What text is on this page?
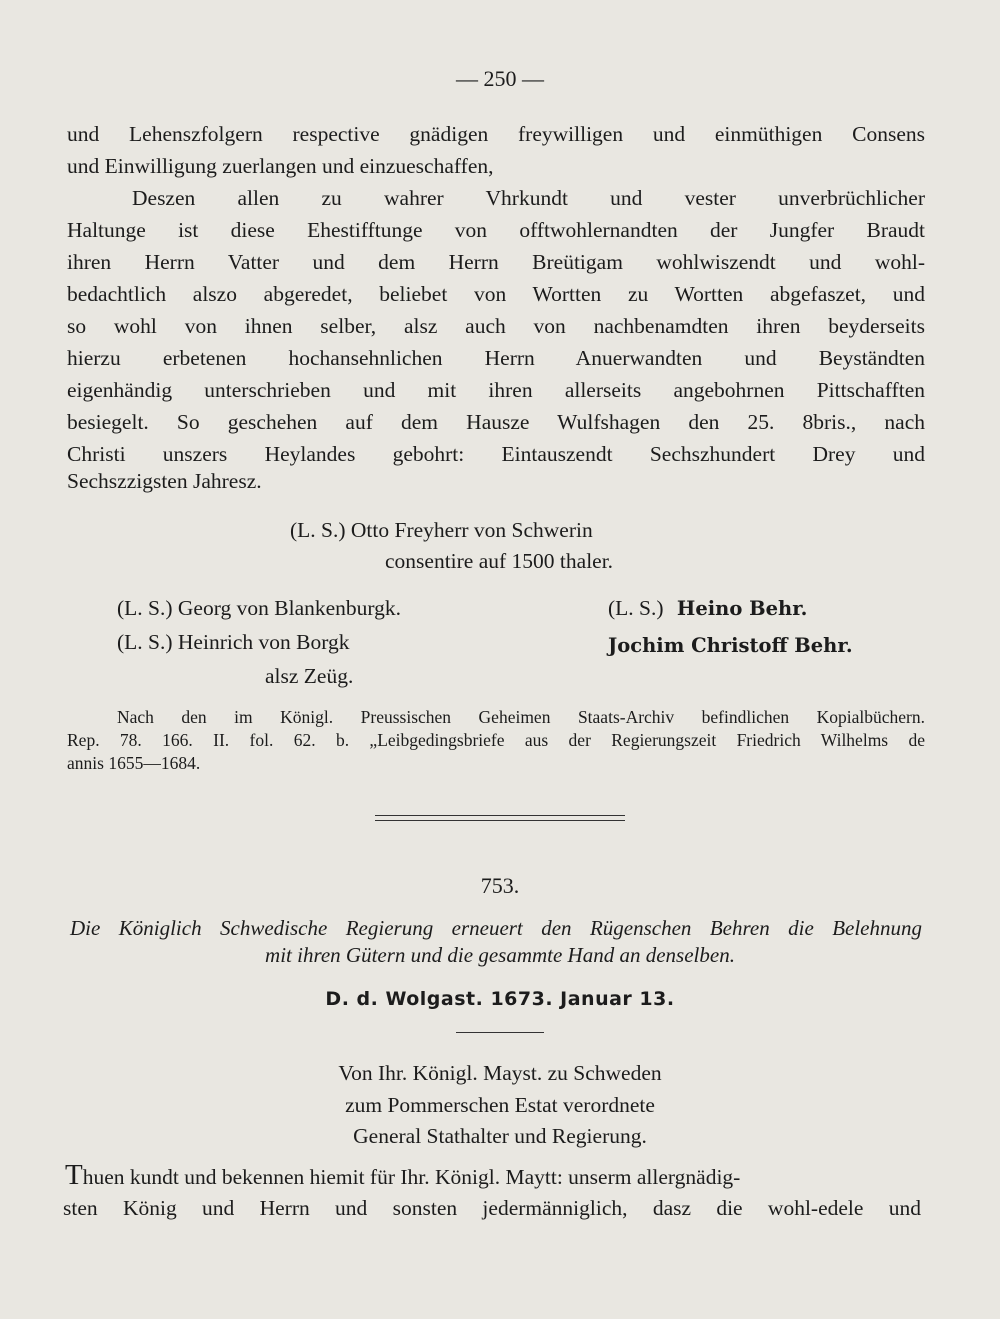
— 250 —
und Lehenszfolgern respective gnädigen freywilligen und einmüthigen Consens
und Einwilligung zuerlangen und einzueschaffen,
Deszen allen zu wahrer Vhrkundt und vester unverbrüchlicher
Haltunge ist diese Ehestifftunge von offtwohlernandten der Jungfer Braudt
ihren Herrn Vatter und dem Herrn Breütigam wohlwiszendt und wohl-
bedachtlich alszo abgeredet, beliebet von Wortten zu Wortten abgefaszet, und
so wohl von ihnen selber, alsz auch von nachbenamdten ihren beyderseits
hierzu erbetenen hochansehnlichen Herrn Anuerwandten und Beyständten
eigenhändig unterschrieben und mit ihren allerseits angebohrnen Pittschafften
besiegelt. So geschehen auf dem Hausze Wulfshagen den 25. 8bris., nach
Christi unszers Heylandes gebohrt: Eintauszendt Sechszhundert Drey und
Sechszzigsten Jahresz.
(L. S.) Otto Freyherr von Schwerin
consentire auf 1500 thaler.
(L. S.) Georg von Blankenburgk.
(L. S.) Heinrich von Borgk
alsz Zeüg.
(L. S.) Heino Behr.
Jochim Christoff Behr.
Nach den im Königl. Preussischen Geheimen Staats-Archiv befindlichen Kopialbüchern.
Rep. 78. 166. II. fol. 62. b. „Leibgedingsbriefe aus der Regierungszeit Friedrich Wilhelms de
annis 1655—1684.
753.
Die Königlich Schwedische Regierung erneuert den Rügenschen Behren die Belehnung
mit ihren Gütern und die gesammte Hand an denselben.
D. d. Wolgast. 1673. Januar 13.
Von Ihr. Königl. Mayst. zu Schweden
zum Pommerschen Estat verordnete
General Stathalter und Regierung.
Thuen kundt und bekennen hiemit für Ihr. Königl. Maytt: unserm allergnädig-
sten König und Herrn und sonsten jedermänniglich, dasz die wohl-edele und
